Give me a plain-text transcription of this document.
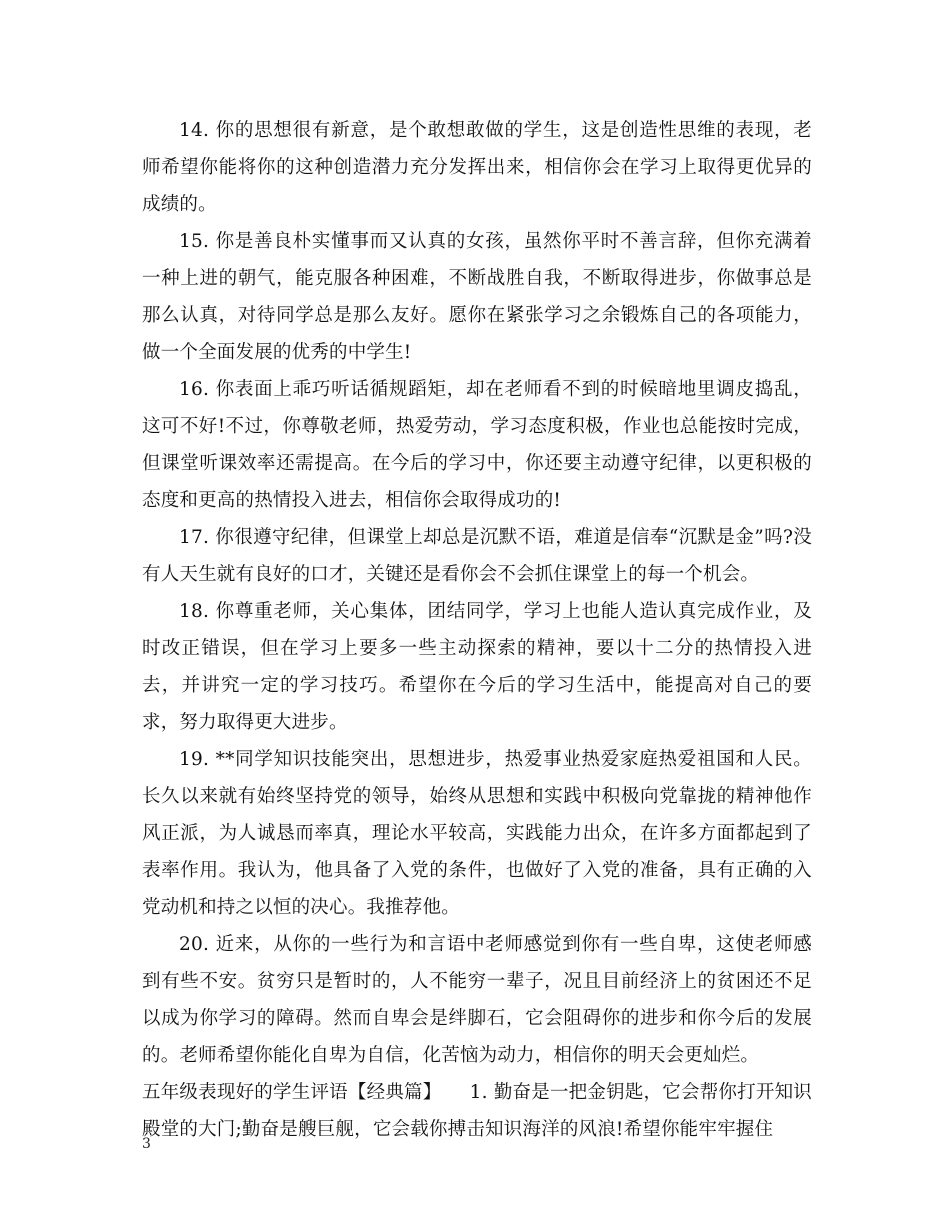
14. 你的思想很有新意，是个敢想敢做的学生，这是创造性思维的表现，老师希望你能将你的这种创造潜力充分发挥出来，相信你会在学习上取得更优异的成绩的。

15. 你是善良朴实懂事而又认真的女孩，虽然你平时不善言辞，但你充满着一种上进的朝气，能克服各种困难，不断战胜自我，不断取得进步，你做事总是那么认真，对待同学总是那么友好。愿你在紧张学习之余锻炼自己的各项能力，做一个全面发展的优秀的中学生!

16. 你表面上乖巧听话循规蹈矩，却在老师看不到的时候暗地里调皮捣乱，这可不好!不过，你尊敬老师，热爱劳动，学习态度积极，作业也总能按时完成，但课堂听课效率还需提高。在今后的学习中，你还要主动遵守纪律，以更积极的态度和更高的热情投入进去，相信你会取得成功的!

17. 你很遵守纪律，但课堂上却总是沉默不语，难道是信奉“沉默是金”吗?没有人天生就有良好的口才，关键还是看你会不会抓住课堂上的每一个机会。

18. 你尊重老师，关心集体，团结同学，学习上也能人造认真完成作业，及时改正错误，但在学习上要多一些主动探索的精神，要以十二分的热情投入进去，并讲究一定的学习技巧。希望你在今后的学习生活中，能提高对自己的要求，努力取得更大进步。

19. **同学知识技能突出，思想进步，热爱事业热爱家庭热爱祖国和人民。长久以来就有始终坚持党的领导，始终从思想和实践中积极向党靠拢的精神他作风正派，为人诚恳而率真，理论水平较高，实践能力出众，在许多方面都起到了表率作用。我认为，他具备了入党的条件，也做好了入党的准备，具有正确的入党动机和持之以恒的决心。我推荐他。

20. 近来，从你的一些行为和言语中老师感觉到你有一些自卑，这使老师感到有些不安。贫穷只是暂时的，人不能穷一辈子，况且目前经济上的贫困还不足以成为你学习的障碍。然而自卑会是绊脚石，它会阻碍你的进步和你今后的发展的。老师希望你能化自卑为自信，化苦恼为动力，相信你的明天会更灿烂。

五年级表现好的学生评语【经典篇】　　1. 勤奋是一把金钥匙，它会帮你打开知识殿堂的大门;勤奋是艘巨舰，它会载你搏击知识海洋的风浪!希望你能牢牢握住

3
